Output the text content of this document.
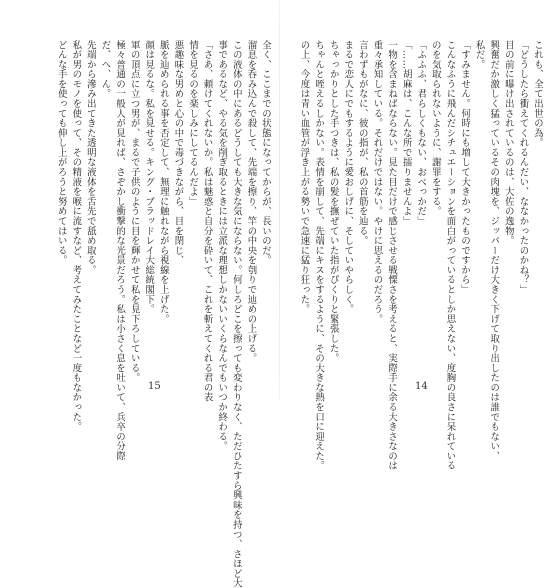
全く、ここまでの状態になってからが、長いのだ。
溜息を呑み込んで殺して、先端を擦り、竿の中央を刳りで辿めの上げる。
この液体の中にあるどうしても大きな気にならない。何しろどこを擦っても変わりなく、ただひたすら興味を持つ、さほど大
事であるなど、やる気を削ぎ取るときには立派な理想しかないいくらなんでもいつか終わる。
「さあ、頼けてくれないか。私は魅惑と自分を砕いて、これを斬えてくれる君の表
情を見るのを楽しみにしてるんだよ」
悪趣味な男めと心の中で毒づきながら、目を閉じ、
脈を辿められる事を否定して、無理に触れながら視線を上げた。
顔は見るな。私を見せる。キング・ブラッドレイ大総統閣下。
軍の頂点に立つ男が、まるで子供のように目を輝かせて私を見下ろしている。
極々普通の一般人が見れば、さぞかし衝撃的な光景だろう。私は小さく息を吐いて、兵卒の分際
だ、へ、ん。
先端から滲み出てきた透明な液体を舌先で舐め取る。
私が男のモノを使って、その精液を喉に流すなど、考えてみたことなど一度もなかった。
どんな手を使っても伸し上がろうと努めてはいる。
15
これも、全て出世の為。
「どうしたら衝えてくれるんだい、ななかったのかね？」
目の前に曝け出されているのは、大佐の逸物。
興奮だか激しく猛っているその肉塊を、ジッパーだけ大きく下げて取り出したのは誰でもない、
私だ。
「すみません。何時にも増して大きかったものですから」
こんなふうに飛んだシチュエーションを面白がっているとしか思えない、度胸の良さに呆れている
のを気取られないように、謝罪をする。
「ふふふ、君らしくもない、おべっかだ」
「……胡麻は、こんな所で擂りませんよ」
一物を含まねばならない。見た目だけで感じさせる戦慄さを考えると、実際手に余る大きさなのは
重々承知している。それだけではない。やけに思えるのだろう。
言わずもがなに、彼の指が、私の首筋を辿る。
まるで恋人にでもするように愛おしげに、そしていやらしく。
ちゃっかりとした手つきは、私の髪を撫ぜていた指がぴくりと緊張した。
ちゃんと咥えるしかない。表情を崩して、先端にキスをするように、その大きな熱を口に迎えた。
の上、今度は青い血管が浮き上がる勢いで急速に猛り狂った。
14
